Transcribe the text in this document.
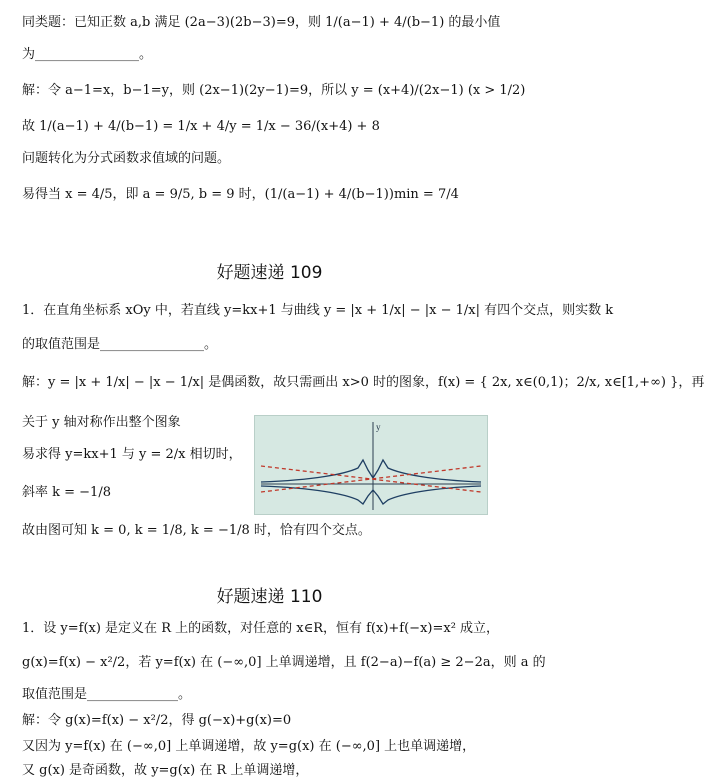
同类题：已知正数 a,b 满足 (2a−3)(2b−3)=9，则 1/(a−1) + 4/(b−1) 的最小值
为________________。
解：令 a−1=x，b−1=y，则 (2x−1)(2y−1)=9，所以 y = (x+4)/(2x−1) (x > 1/2)
故 1/(a−1) + 4/(b−1) = 1/x + 4/y = 1/x − 36/(x+4) + 8
问题转化为分式函数求值域的问题。
易得当 x = 4/5，即 a = 9/5, b = 9 时，(1/(a−1) + 4/(b−1))min = 7/4
好题速递 109
1．在直角坐标系 xOy 中，若直线 y=kx+1 与曲线 y = |x + 1/x| − |x − 1/x| 有四个交点，则实数 k
的取值范围是________________。
解：y = |x + 1/x| − |x − 1/x| 是偶函数，故只需画出 x>0 时的图象，f(x) = { 2x, x∈(0,1)；2/x, x∈[1,+∞) }，再
关于 y 轴对称作出整个图象
易求得 y=kx+1 与 y = 2/x 相切时，
斜率 k = −1/8
y
故由图可知 k = 0, k = 1/8, k = −1/8 时，恰有四个交点。
好题速递 110
1．设 y=f(x) 是定义在 R 上的函数，对任意的 x∈R，恒有 f(x)+f(−x)=x² 成立，
g(x)=f(x) − x²/2，若 y=f(x) 在 (−∞,0] 上单调递增，且 f(2−a)−f(a) ≥ 2−2a，则 a 的
取值范围是______________。
解：令 g(x)=f(x) − x²/2，得 g(−x)+g(x)=0
又因为 y=f(x) 在 (−∞,0] 上单调递增，故 y=g(x) 在 (−∞,0] 上也单调递增，
又 g(x) 是奇函数，故 y=g(x) 在 R 上单调递增，
